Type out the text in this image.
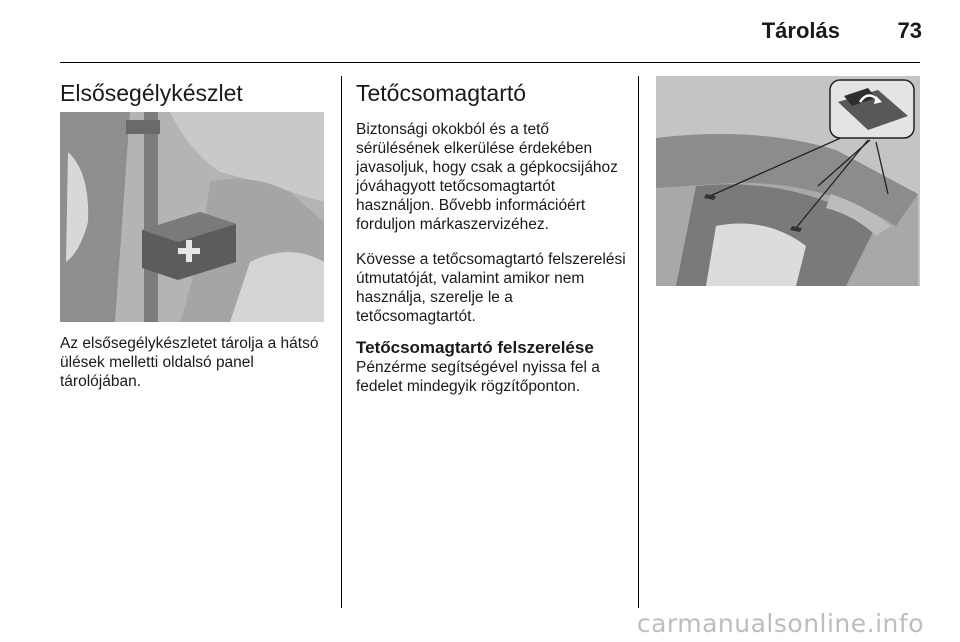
Tárolás	73
Elsősegélykészlet
Az elsősegélykészletet tárolja a hátsó ülések melletti oldalsó panel tárolójában.
Tetőcsomagtartó
Biztonsági okokból és a tető sérülésének elkerülése érdekében javasoljuk, hogy csak a gépkocsijához jóváhagyott tetőcsomagtartót használjon. Bővebb információért forduljon márkaszervizéhez.
Kövesse a tetőcsomagtartó felszerelési útmutatóját, valamint amikor nem használja, szerelje le a tetőcsomagtartót.
Tetőcsomagtartó felszerelése
Pénzérme segítségével nyissa fel a fedelet mindegyik rögzítőponton.
carmanualsonline.info
